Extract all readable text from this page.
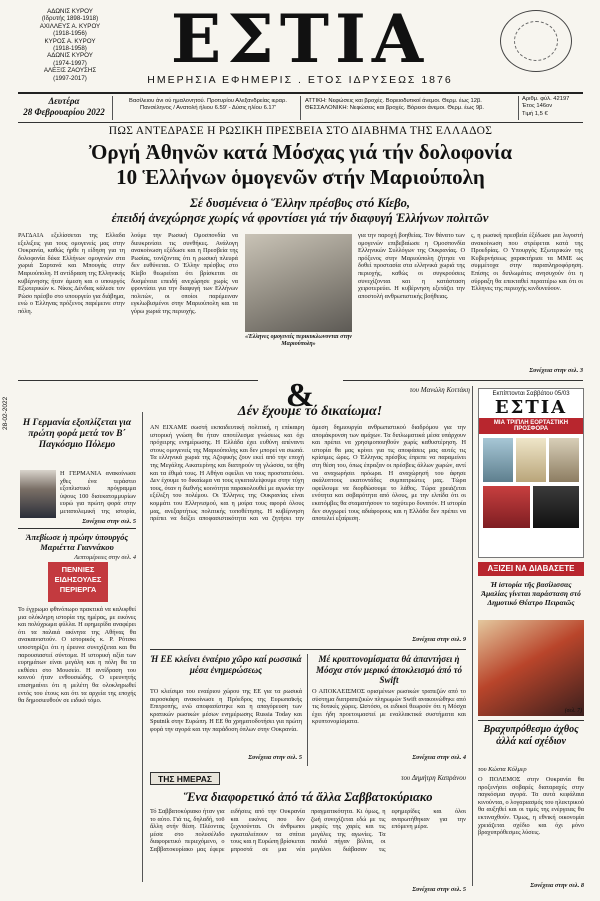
ΑΔΩΝΙΣ ΚΥΡΟΥ
(Ιδρυτής 1898-1918)
ΑΧΙΛΛΕΥΣ Α. ΚΥΡΟΥ
(1918-1956)
ΚΥΡΟΣ Α. ΚΥΡΟΥ
(1918-1958)
ΑΔΩΝΙΣ ΚΥΡΟΥ
(1974-1997)
ΑΛΕΞΙΣ ΖΑΟΥΣΗΣ
(1997-2017)
ΕΣΤΙΑ
ΗΜΕΡΗΣΙΑ ΕΦΗΜΕΡΙΣ . ΕΤΟΣ ΙΔΡΥΣΕΩΣ 1876
Δευτέρα
28 Φεβρουαρίου 2022
Βασίλειου άνι ού ημαλονητού. Προτυρίου Αλεξανδρείας ιεραρ.
Πανσέληνος / Ανατολή ήλιου 6.59' - Δύσις ηλίου 6.17'
ΑΤΤΙΚΗ: Νεφώσεις και βροχές. Βορειοδυτικοί άνεμοι. Θερμ. έως 12β.
ΘΕΣΣΑΛΟΝΙΚΗ: Νεφώσεις και βροχές. Βόρειοι άνεμοι. Θερμ. έως 9β.
Αριθμ. φύλ. 42197
Έτος 146ον
Τιμή 1,5 €
ΠΩΣ ΑΝΤΕΔΡΑΣΕ Η ΡΩΣΙΚΗ ΠΡΕΣΒΕΙΑ ΣΤΟ ΔΙΑΒΗΜΑ ΤΗΣ ΕΛΛΑΔΟΣ
Ὀργή Ἀθηνῶν κατά Μόσχας γιά τήν δολοφονία
10 Ἑλλήνων ὁμογενῶν στήν Μαριούπολη
Σέ δυσμένεια ὁ Ἕλλην πρέσβυς στό Κίεβο,
ἐπειδή ἀνεχώρησε χωρίς νά φροντίσει γιά τήν διαφυγή Ἑλλήνων πολιτῶν
ΡΑΓΔΑΙΑ εξελίσσεται της Ελλαδα εξελιξεις για τους ομογενείς μας στην Ουκρανία, καθώς ήρθε η είδηση για τη δολοφονία δέκα Ελλήνων ομογενών στα χωριά Σαρτανά και Μπουγάς στην Μαριούπολη. Η αντίδραση της Ελληνικής κυβέρνησης ήταν άμεση και ο υπουργός Εξωτερικών κ. Νίκος Δένδιας κάλεσε τον Ρώσο πρέσβυ στο υπουργείο για διάβημα, ενώ ο Έλληνας πρόξενος παρέμεινε στην πόλη.
λούμε την Ρωσική Ομοσπονδία να διευκρινίσει τις συνθήκες. Ανάλογη ανακοίνωση εξέδωσε και η Πρεσβεία της Ρωσίας, τονίζοντας ότι η ρωσική πλευρά δεν ευθύνεται. Ο Έλλην πρέσβυς στο Κίεβο θεωρείται ότι βρίσκεται σε δυσμένεια επειδή ανεχώρησε χωρίς να φροντίσει για την διαφυγή των Ελλήνων πολιτών, οι οποίοι παρέμειναν εγκλωβισμένοι στην Μαριούπολη και τα γύρω χωριά της περιοχής.
«Έλληνες ομογενείς περικυκλωνονται στην Μαριούπολη»
για την παροχή βοηθείας. Τον θάνατο των ομογενών επιβεβαίωσε η Ομοσπονδία Ελληνικών Συλλόγων της Ουκρανίας. Ο πρόξενος στην Μαριούπολη ζήτησε να δοθεί προστασία στα ελληνικά χωριά της περιοχής, καθώς οι συγκρούσεις συνεχίζονται και η κατάσταση χειροτερεύει. Η κυβέρνηση εξετάζει την αποστολή ανθρωπιστικής βοήθειας.
ς, η ρωσική πρεσβεία έξέδωσε μια λιγοστή ανακοίνωση που στρέφεται κατά της Προεδρίας. Ο Υπουργός Εξωτερικών της Κυβερνήσεως χαρακτήρισε τα ΜΜΕ ως συμμέτοχα στην παραπληροφόρηση. Επίσης οι διπλωμάτες ανησυχούν ότι η σύρραξη θα επεκταθεί περαιτέρω και ότι οι Έλληνες της περιοχής κινδυνεύουν.
Συνέχεια στην σελ. 3
&
28-02-2022	Η Γερμανία εξοπλίζεται για πρώτη φορά μετά τον Β΄ Παγκόσμιο Πόλεμο
Η ΓΕΡΜΑΝΙΑ ανακοίνωσε χθες ένα τεράστιο εξοπλιστικό πρόγραμμα ύψους 100 δισεκατομμυρίων ευρώ για πρώτη φορά στην μεταπολεμική της ιστορία,
Συνέχεια στην σελ. 5
Ἀπεβίωσε ἡ πρώην ὑπουργός Μαριέττα Γιαννάκου
Λεπτομέρειες στην σελ. 4
ΠΕΝΝΙΕΣ ΕΙΔΗΣΟΥΛΕΣ ΠΕΡΙΕΡΓΑ
Το έγχρωμο φθινόπωρο πρακτικά να καλυφθεί μια ολόκληρη ιστορία της ημέρας, με εικόνες και πολύχρωμα φύλλα. Η εφημερίδα αναφέρει ότι τα παλαιά ακίνητα της Αθήνας θα ανακαινιστούν. Ο ιστορικός κ. Ρ. Ρότσκι υποστηρίζει ότι η έρευνα συνεχίζεται και θα παρουσιαστεί σύντομα. Η ιστορική αξία των ευρημάτων είναι μεγάλη και η πόλη θα τα εκθέσει στο Μουσείο. Η αντίδραση του κοινού ήταν ενθουσιώδης. Ο ερευνητής επισημαίνει ότι η μελέτη θα ολοκληρωθεί εντός του έτους και ότι τα αρχεία της εποχής θα δημοσιευθούν σε ειδικό τόμο.
του Μανώλη Κοττάκη
Δέν ἔχουμε τό δικαίωμα!
ΑΝ ΕΙΧΑΜΕ σωστή εκπαιδευτική πολιτική, η επίκαιρη ιστορική γνώση θα ήταν αποτέλεσμα γνώσεως και όχι πρόχειρης ενημέρωσης. Η Ελλάδα έχει ευθύνη απέναντι στους ομογενείς της Μαριούπολης και δεν μπορεί να σιωπά. Τα ελληνικά χωριά της Αζοφικής ζουν εκεί από την εποχή της Μεγάλης Αικατερίνης και διατηρούν τη γλώσσα, τα ήθη και τα έθιμά τους. Η Αθήνα οφείλει να τους προστατεύσει. Δεν έχουμε το δικαίωμα να τους εγκαταλείψουμε στην τύχη τους, όταν η διεθνής κοινότητα παρακολουθεί με αγωνία την εξέλιξη του πολέμου. Οι Έλληνες της Ουκρανίας είναι κομμάτι του Ελληνισμού, και η μοίρα τους αφορά όλους μας, ανεξαρτήτως πολιτικής τοποθέτησης. Η κυβέρνηση πρέπει να δείξει αποφασιστικότητα και να ζητήσει την άμεση δημιουργία ανθρωπιστικού διαδρόμου για την απομάκρυνση των αμάχων. Τα διπλωματικά μέσα υπάρχουν και πρέπει να χρησιμοποιηθούν χωρίς καθυστέρηση. Η ιστορία θα μας κρίνει για τις αποφάσεις μας αυτές τις κρίσιμες ώρες. Ο Έλληνας πρέσβυς έπρεπε να παραμείνει στη θέση του, όπως έπραξαν οι πρέσβεις άλλων χωρών, αντί να αναχωρήσει πρόωρα. Η αναχώρησή του άφησε ακάλυπτους εκατοντάδες συμπατριώτες μας. Τώρα οφείλουμε να διορθώσουμε το λάθος. Τώρα χρειάζεται ενότητα και σοβαρότητα από όλους, με την ελπίδα ότι οι εκατόμβες θα σταματήσουν το ταχύτερο δυνατόν. Η ιστορία δεν συγχωρεί τους αδιάφορους και η Ελλάδα δεν πρέπει να αποτελεί εξαίρεση.
Συνέχεια στην σελ. 9
Ἡ ΕΕ κλείνει ἐναέριο χῶρο καί ρωσσικά μέσα ἐνημερώσεως
ΤΟ κλείσιμο του εναέριου χώρου της ΕΕ για τα ρωσικά αεροσκάφη ανακοίνωσε η Πρόεδρος της Ευρωπαϊκής Επιτροπής, ενώ αποφασίστηκε και η απαγόρευση των κρατικών ρωσικών μέσων ενημέρωσης Russia Today και Sputnik στην Ευρώπη. Η ΕΕ θα χρηματοδοτήσει για πρώτη φορά την αγορά και την παράδοση όπλων στην Ουκρανία.
Συνέχεια στην σελ. 5
Μέ κρυπτονομίσματα θά ἀπαντήσει ἡ Μόσχα στόν μερικό ἀποκλεισμό ἀπό τό Swift
Ο ΑΠΟΚΛΕΙΣΜΟΣ ορισμένων ρωσικών τραπεζών από το σύστημα διατραπεζικών πληρωμών Swift ανακοινώθηκε από τις δυτικές χώρες. Ωστόσο, οι ειδικοί θεωρούν ότι η Μόσχα έχει ήδη προετοιμαστεί με εναλλακτικά συστήματα και κρυπτονομίσματα.
Συνέχεια στην σελ. 4
ΤΗΣ ΗΜΕΡΑΣ	του Δημήτρη Καπράνου
Ἕνα διαφορετικό ἀπό τά ἄλλα Σαββατοκύριακο
Τό Σαββατοκύριακο ήταν για το αύτο. Γιά τις, δηλαδή, τοῦ ἄλλη στήν θέση. Πλέοντας μέσα στο πολυσέλιδο διαφορετικό περιεχόμενο, ο Σαββατοκυρίακο μας έφερε ειδήσεις από την Ουκρανία και εικόνες που δεν ξεχνιούνται. Οι άνθρωποι εγκαταλείπουν τα σπίτια τους και η Ευρώπη βρίσκεται μπροστά σε μια νέα πραγματικότητα. Κι όμως, η ζωή συνεχίζεται εδώ με τις μικρές της χαρές και τις μεγάλες της αγωνίες. Τα παιδιά πήγαν βόλτα, οι μεγάλοι διάβασαν τις εφημερίδες και όλοι αναρωτήθηκαν για την επόμενη μέρα.
Συνέχεια στην σελ. 5
Εκπίπτονται Σαββάτου 05/03
ΕΣΤΙΑ
ΜΙΑ ΤΡΙΠΛΗ ΕΟΡΤΑΣΤΙΚΗ ΠΡΟΣΦΟΡΑ
ΑΞΙΖΕΙ ΝΑ ΔΙΑΒΑΣΕΤΕ
Ἡ ἱστορία τῆς βασίλισσας Ἀμαλίας γίνεται παράσταση στό Δημοτικό Θέατρο Πειραιῶς
(σελ. 7)
Βραχυπρόθεσμο ἀχθος ἀλλά καί σχέδιον
του Κώστα Κόλμερ
Ο ΠΟΛΕΜΟΣ στην Ουκρανία θα προξενήσει σοβαρές διαταραχές στην παγκόσμια αγορά. Τα αυτά κεφάλαια κινούνται, ο λογαριασμός του ηλεκτρικού θα αυξηθεί και οι τιμές της ενέργειας θα εκτιναχθούν. Όμως, η εθνική οικονομία χρειάζεται σχέδιο και όχι μόνο βραχυπρόθεσμες λύσεις.
Συνέχεια στην σελ. 8
